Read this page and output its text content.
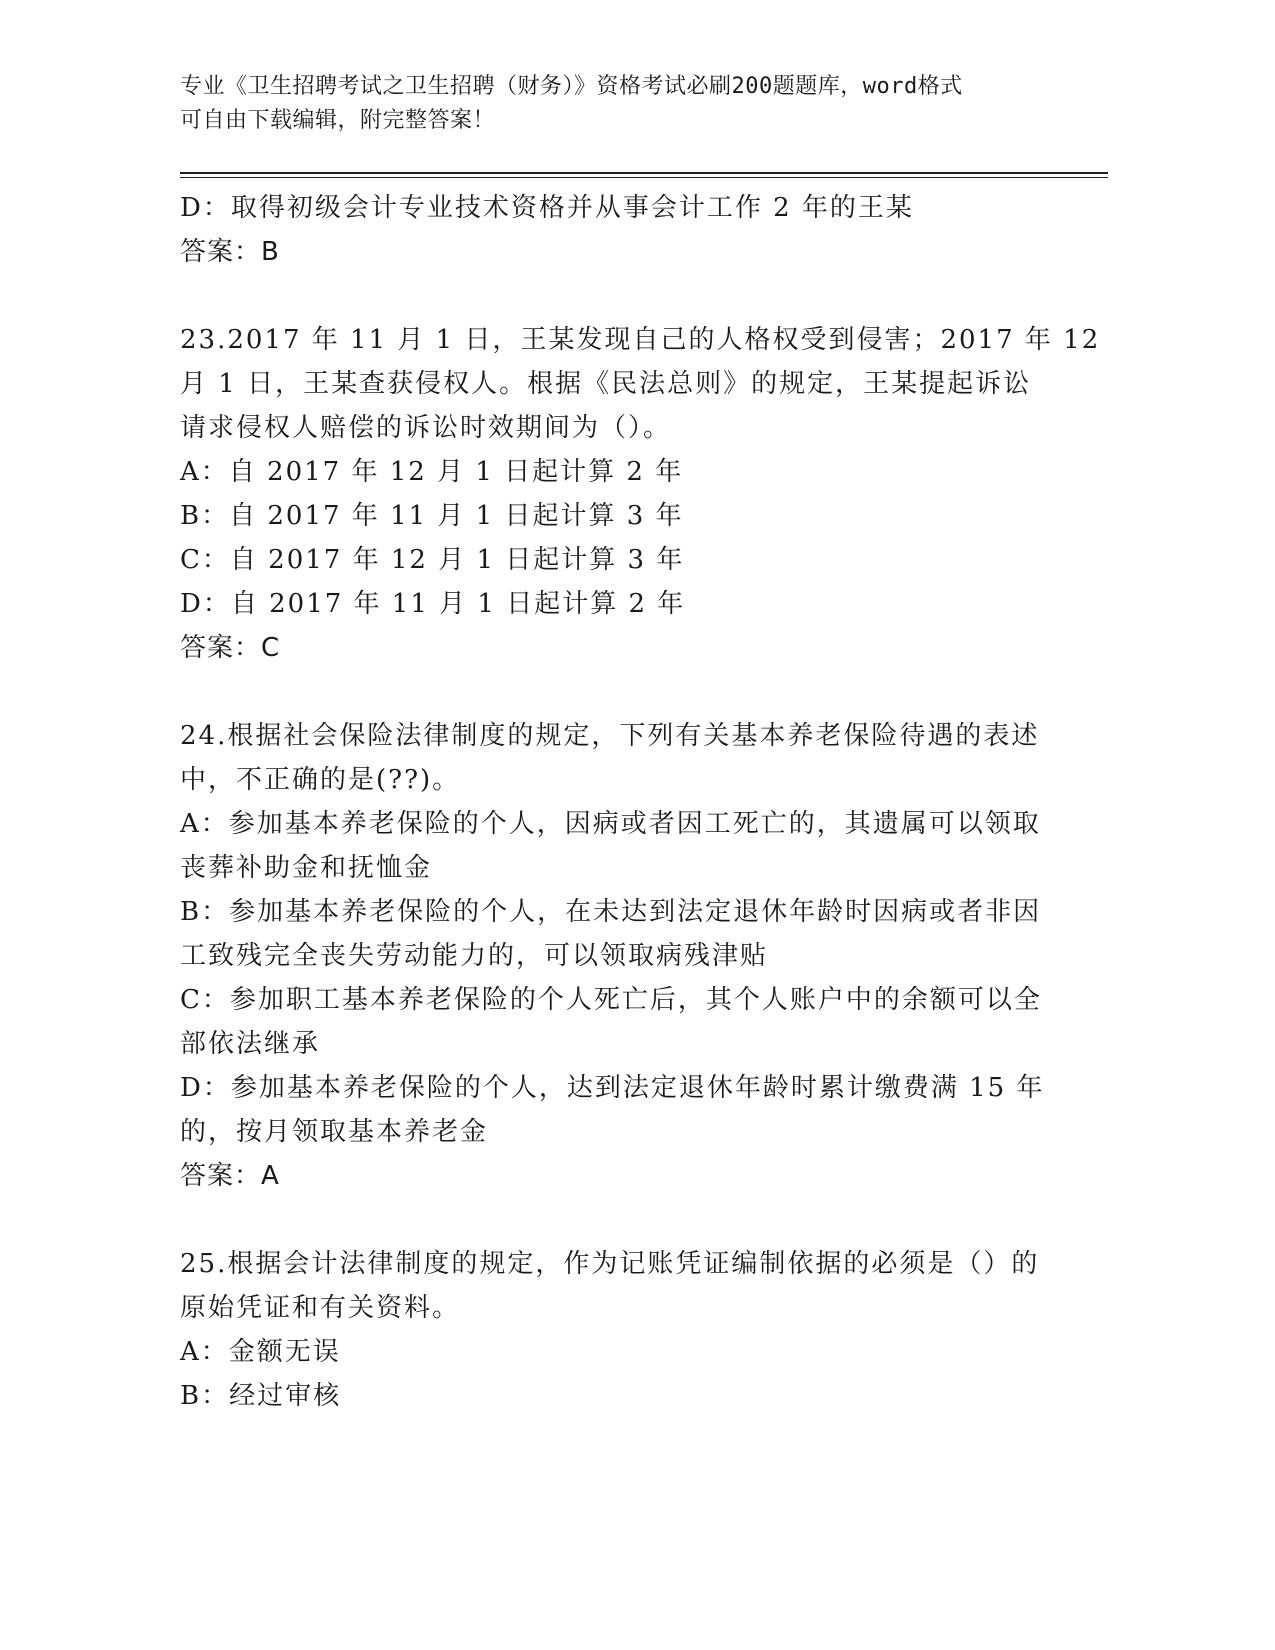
专业《卫生招聘考试之卫生招聘（财务）》资格考试必刷200题题库，word格式
可自由下载编辑，附完整答案！

D：取得初级会计专业技术资格并从事会计工作 2 年的王某

答案：B

23.2017 年 11 月 1 日，王某发现自己的人格权受到侵害；2017 年 12

月 1 日，王某查获侵权人。根据《民法总则》的规定，王某提起诉讼

请求侵权人赔偿的诉讼时效期间为（）。

A：自 2017 年 12 月 1 日起计算 2 年

B：自 2017 年 11 月 1 日起计算 3 年

C：自 2017 年 12 月 1 日起计算 3 年

D：自 2017 年 11 月 1 日起计算 2 年

答案：C

24.根据社会保险法律制度的规定，下列有关基本养老保险待遇的表述

中，不正确的是(??)。

A：参加基本养老保险的个人，因病或者因工死亡的，其遗属可以领取

丧葬补助金和抚恤金

B：参加基本养老保险的个人，在未达到法定退休年龄时因病或者非因

工致残完全丧失劳动能力的，可以领取病残津贴

C：参加职工基本养老保险的个人死亡后，其个人账户中的余额可以全

部依法继承

D：参加基本养老保险的个人，达到法定退休年龄时累计缴费满 15 年

的，按月领取基本养老金

答案：A

25.根据会计法律制度的规定，作为记账凭证编制依据的必须是（）的

原始凭证和有关资料。

A：金额无误

B：经过审核
